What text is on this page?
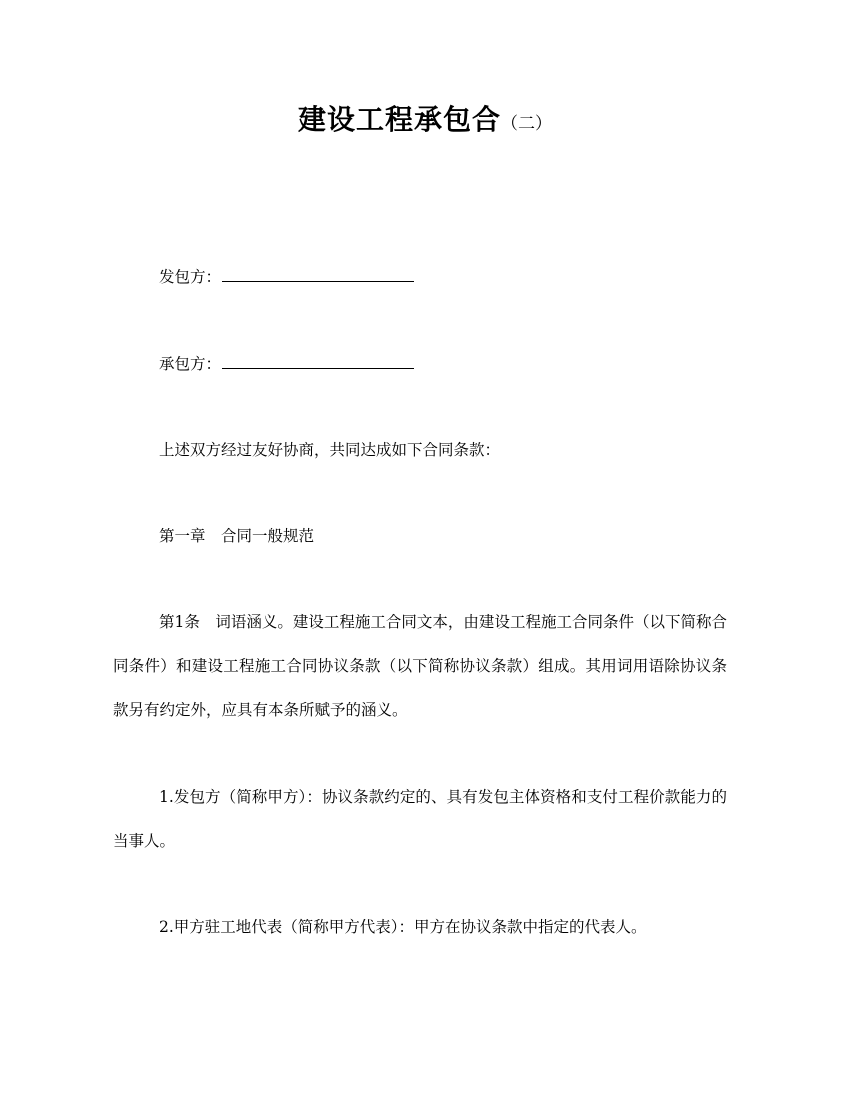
建设工程承包合（二）
发包方：
承包方：
上述双方经过友好协商，共同达成如下合同条款：
第一章　合同一般规范
第1条　词语涵义。建设工程施工合同文本，由建设工程施工合同条件（以下简称合同条件）和建设工程施工合同协议条款（以下简称协议条款）组成。其用词用语除协议条款另有约定外，应具有本条所赋予的涵义。
1.发包方（简称甲方）：协议条款约定的、具有发包主体资格和支付工程价款能力的当事人。
2.甲方驻工地代表（简称甲方代表）：甲方在协议条款中指定的代表人。
